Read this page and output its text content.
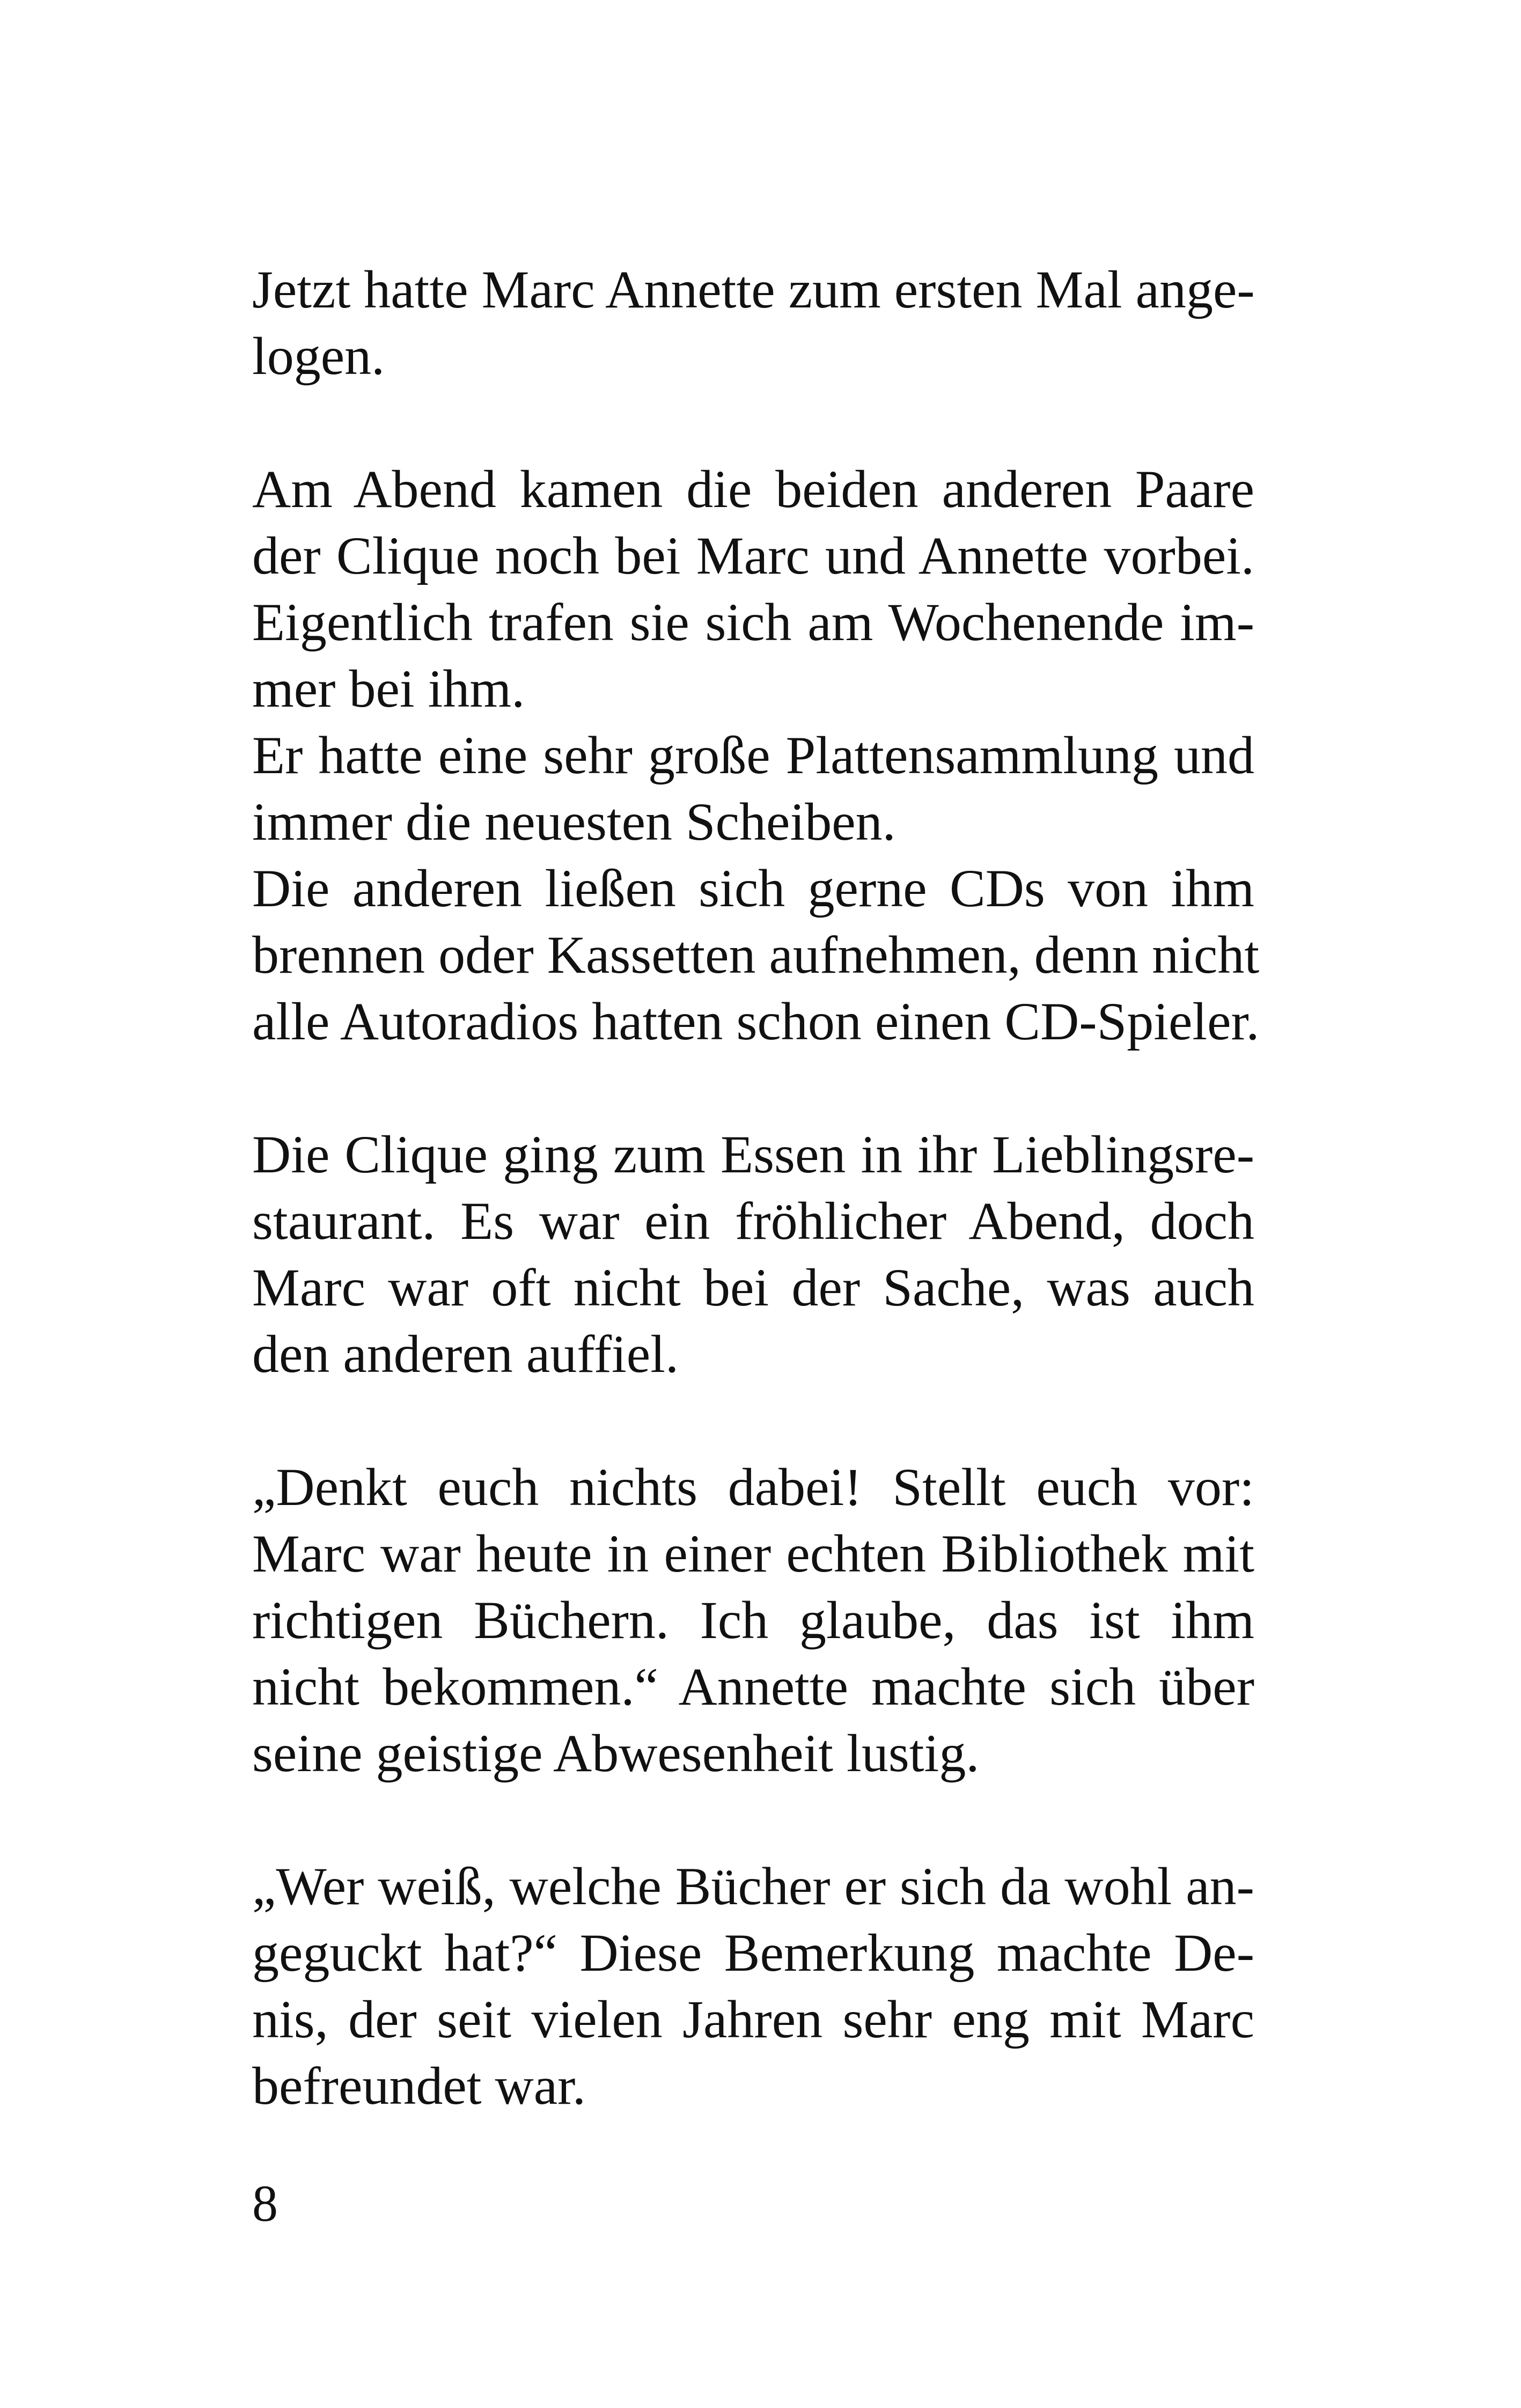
Jetzt hatte Marc Annette zum ersten Mal ange-
logen.
Am Abend kamen die beiden anderen Paare
der Clique noch bei Marc und Annette vorbei.
Eigentlich trafen sie sich am Wochenende im-
mer bei ihm.
Er hatte eine sehr große Plattensammlung und
immer die neuesten Scheiben.
Die anderen ließen sich gerne CDs von ihm
brennen oder Kassetten aufnehmen, denn nicht
alle Autoradios hatten schon einen CD-Spieler.
Die Clique ging zum Essen in ihr Lieblingsre-
staurant. Es war ein fröhlicher Abend, doch
Marc war oft nicht bei der Sache, was auch
den anderen auffiel.
„Denkt euch nichts dabei! Stellt euch vor:
Marc war heute in einer echten Bibliothek mit
richtigen Büchern. Ich glaube, das ist ihm
nicht bekommen.“ Annette machte sich über
seine geistige Abwesenheit lustig.
„Wer weiß, welche Bücher er sich da wohl an-
geguckt hat?“ Diese Bemerkung machte De-
nis, der seit vielen Jahren sehr eng mit Marc
befreundet war.
8
